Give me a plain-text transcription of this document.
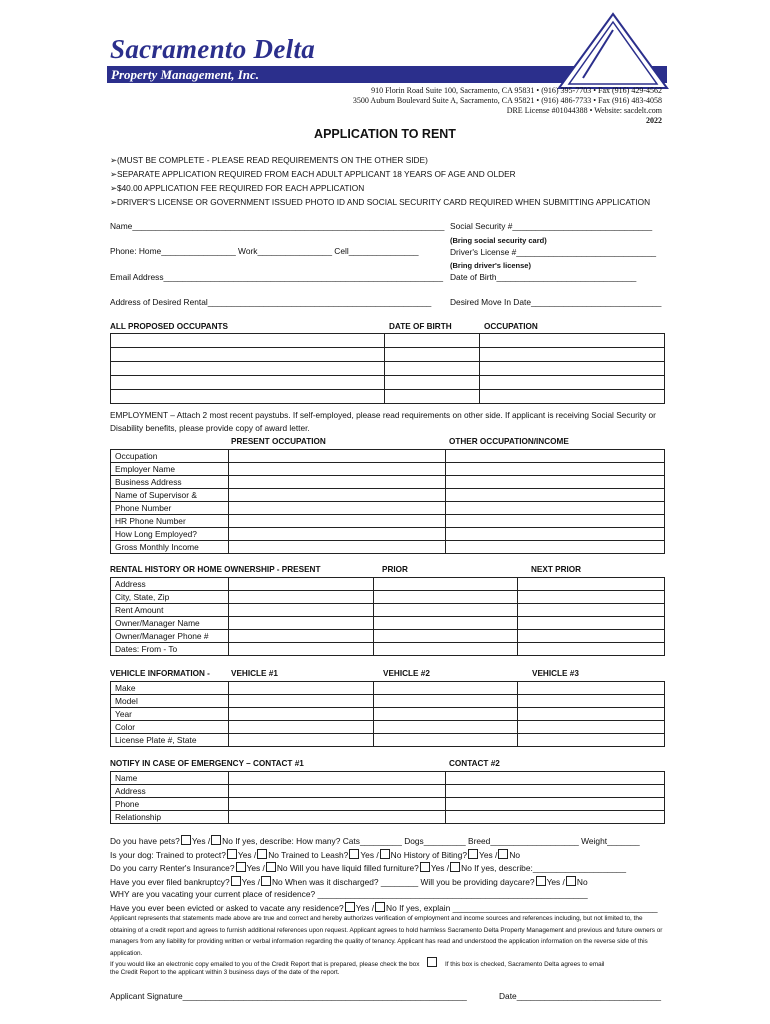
Sacramento Delta
Property Management, Inc.
910 Florin Road Suite 100, Sacramento, CA 95831 • (916) 395-7703 • Fax (916) 429-4562
3500 Auburn Boulevard Suite A, Sacramento, CA 95821 • (916) 486-7733 • Fax (916) 483-4058
DRE License #01044388 • Website: sacdelt.com
2022
APPLICATION TO RENT
➢(MUST BE COMPLETE - PLEASE READ REQUIREMENTS ON THE OTHER SIDE)
➢SEPARATE APPLICATION REQUIRED FROM EACH ADULT APPLICANT 18 YEARS OF AGE AND OLDER
➢$40.00 APPLICATION FEE REQUIRED FOR EACH APPLICATION
➢DRIVER'S LICENSE OR GOVERNMENT ISSUED PHOTO ID AND SOCIAL SECURITY CARD REQUIRED WHEN SUBMITTING APPLICATION
Name___________________________________________________________________ Social Security #______________________________
(Bring social security card)
Phone: Home________________ Work________________ Cell_______________	Driver's License #______________________________
(Bring driver's license)
Email Address____________________________________________________________ Date of Birth______________________________
Address of Desired Rental________________________________________________ Desired Move In Date____________________________
ALL PROPOSED OCCUPANTS	DATE OF BIRTH	OCCUPATION

EMPLOYMENT – Attach 2 most recent paystubs. If self-employed, please read requirements on other side. If applicant is receiving Social Security or Disability benefits, please provide copy of award letter.
PRESENT OCCUPATION	OTHER OCCUPATION/INCOME
Occupation		
Employer Name		
Business Address		
Name of Supervisor &		
Phone Number		
HR Phone Number		
How Long Employed?		
Gross Monthly Income		
RENTAL HISTORY OR HOME OWNERSHIP - PRESENT	PRIOR	NEXT PRIOR
Address			
City, State, Zip			
Rent Amount			
Owner/Manager Name			
Owner/Manager Phone #			
Dates: From - To			
VEHICLE INFORMATION -	VEHICLE #1	VEHICLE #2	VEHICLE #3
Make			
Model			
Year			
Color			
License Plate #, State			
NOTIFY IN CASE OF EMERGENCY – CONTACT #1	CONTACT #2
Name		
Address		
Phone		
Relationship		
Do you have pets? Yes / No If yes, describe: How many? Cats_________ Dogs_________ Breed___________________ Weight_______
Is your dog: Trained to protect? Yes / No Trained to Leash? Yes / No History of Biting? Yes / No
Do you carry Renter's Insurance? Yes / No Will you have liquid filled furniture? Yes / No If yes, describe:____________________
Have you ever filed bankruptcy? Yes / No When was it discharged? ________ Will you be providing daycare? Yes / No
WHY are you vacating your current place of residence? __________________________________________________________
Have you ever been evicted or asked to vacate any residence? Yes / No If yes, explain ____________________________________________
Applicant represents that statements made above are true and correct and hereby authorizes verification of employment and income sources and references including, but not limited to, the obtaining of a credit report and agrees to furnish additional references upon request. Applicant agrees to hold harmless Sacramento Delta Property Management and previous and future owners or managers from any liability for providing written or verbal information regarding the quality of tenancy. Applicant has read and understood the application information on the reverse side of this application.
If you would like an electronic copy emailed to you of the Credit Report that is prepared, please check the box	If this box is checked, Sacramento Delta agrees to email
the Credit Report to the applicant within 3 business days of the date of the report.
Applicant Signature_____________________________________________________________	Date_______________________________
